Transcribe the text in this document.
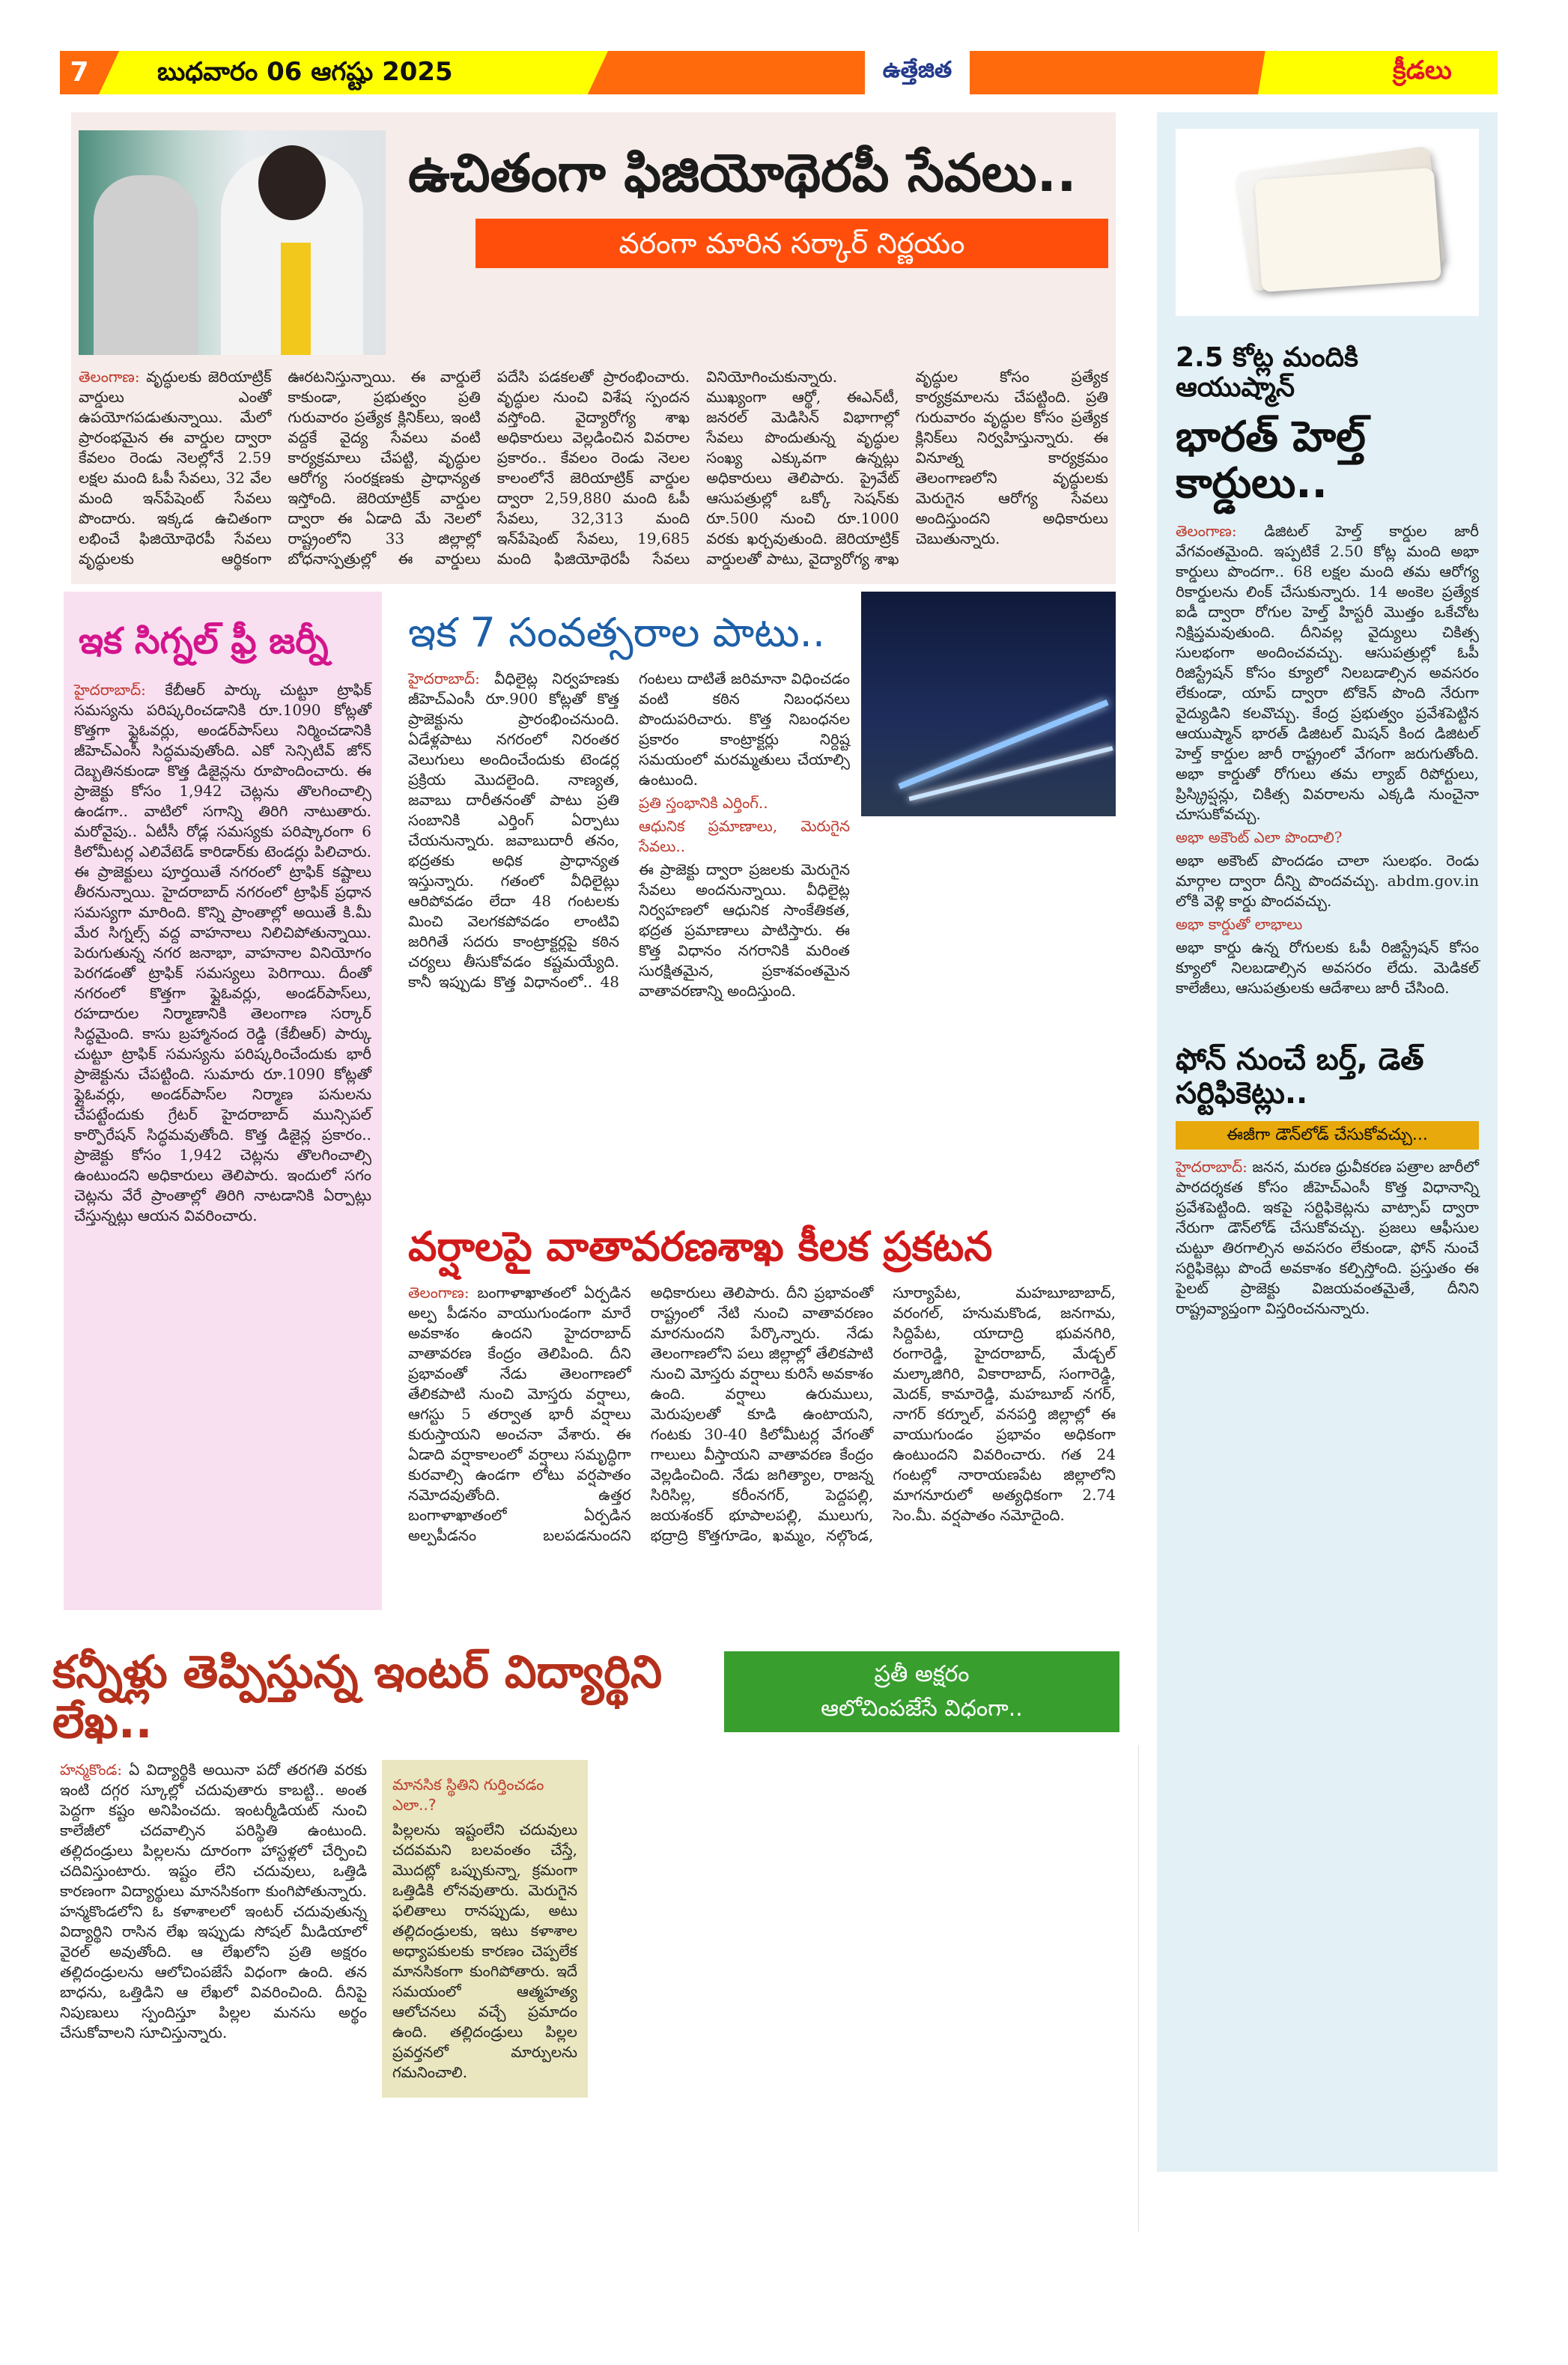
7	బుధవారం 06 ఆగష్టు 2025	ఉత్తేజిత	క్రీడలు
ఉచితంగా ఫిజియోథెరపీ సేవలు..
వరంగా మారిన సర్కార్ నిర్ణయం
తెలంగాణ: వృద్ధులకు జెరియాట్రిక్ వార్డులు ఎంతో ఉపయోగపడుతున్నాయి. మేలో ప్రారంభమైన ఈ వార్డుల ద్వారా కేవలం రెండు నెలల్లోనే 2.59 లక్షల మంది ఓపీ సేవలు, 32 వేల మంది ఇన్‌పేషెంట్ సేవలు పొందారు. ఇక్కడ ఉచితంగా లభించే ఫిజియోథెరపీ సేవలు వృద్ధులకు ఆర్థికంగా ఊరటనిస్తున్నాయి. ఈ వార్డులే కాకుండా, ప్రభుత్వం ప్రతి గురువారం ప్రత్యేక క్లినిక్‌లు, ఇంటి వద్దకే వైద్య సేవలు వంటి కార్యక్రమాలు చేపట్టి, వృద్ధుల ఆరోగ్య సంరక్షణకు ప్రాధాన్యత ఇస్తోంది. జెరియాట్రిక్ వార్డుల ద్వారా ఈ ఏడాది మే నెలలో రాష్ట్రంలోని 33 జిల్లాల్లో బోధనాస్పత్రుల్లో ఈ వార్డులు పదేసి పడకలతో ప్రారంభించారు. వృద్ధుల నుంచి విశేష స్పందన వస్తోంది. వైద్యారోగ్య శాఖ అధికారులు వెల్లడించిన వివరాల ప్రకారం.. కేవలం రెండు నెలల కాలంలోనే జెరియాట్రిక్ వార్డుల ద్వారా 2,59,880 మంది ఓపీ సేవలు, 32,313 మంది ఇన్‌పేషెంట్ సేవలు, 19,685 మంది ఫిజియోథెరపీ సేవలు వినియోగించుకున్నారు. ముఖ్యంగా ఆర్థో, ఈఎన్‌టీ, జనరల్ మెడిసిన్ విభాగాల్లో సేవలు పొందుతున్న వృద్ధుల సంఖ్య ఎక్కువగా ఉన్నట్లు అధికారులు తెలిపారు. ప్రైవేట్ ఆసుపత్రుల్లో ఒక్కో సెషన్‌కు రూ.500 నుంచి రూ.1000 వరకు ఖర్చవుతుంది. జెరియాట్రిక్ వార్డులతో పాటు, వైద్యారోగ్య శాఖ వృద్ధుల కోసం ప్రత్యేక కార్యక్రమాలను చేపట్టింది. ప్రతి గురువారం వృద్ధుల కోసం ప్రత్యేక క్లినిక్‌లు నిర్వహిస్తున్నారు. ఈ వినూత్న కార్యక్రమం తెలంగాణలోని వృద్ధులకు మెరుగైన ఆరోగ్య సేవలు అందిస్తుందని అధికారులు చెబుతున్నారు.
2.5 కోట్ల మందికి ఆయుష్మాన్
భారత్ హెల్త్ కార్డులు..

తెలంగాణ: డిజిటల్ హెల్త్ కార్డుల జారీ వేగవంతమైంది. ఇప్పటికే 2.50 కోట్ల మంది అభా కార్డులు పొందగా.. 68 లక్షల మంది తమ ఆరోగ్య రికార్డులను లింక్ చేసుకున్నారు. 14 అంకెల ప్రత్యేక ఐడీ ద్వారా రోగుల హెల్త్ హిస్టరీ మొత్తం ఒకేచోట నిక్షిప్తమవుతుంది. దీనివల్ల వైద్యులు చికిత్స సులభంగా అందించవచ్చు. ఆసుపత్రుల్లో ఓపీ రిజిస్ట్రేషన్ కోసం క్యూలో నిలబడాల్సిన అవసరం లేకుండా, యాప్ ద్వారా టోకెన్ పొంది నేరుగా వైద్యుడిని కలవొచ్చు. కేంద్ర ప్రభుత్వం ప్రవేశపెట్టిన ఆయుష్మాన్ భారత్ డిజిటల్ మిషన్ కింద డిజిటల్ హెల్త్ కార్డుల జారీ రాష్ట్రంలో వేగంగా జరుగుతోంది. అభా కార్డుతో రోగులు తమ ల్యాబ్ రిపోర్టులు, ప్రిస్క్రిప్షన్లు, చికిత్స వివరాలను ఎక్కడి నుంచైనా చూసుకోవచ్చు.

అభా అకౌంట్ ఎలా పొందాలి?

అభా అకౌంట్ పొందడం చాలా సులభం. రెండు మార్గాల ద్వారా దీన్ని పొందవచ్చు. abdm.gov.in లోకి వెళ్లి కార్డు పొందవచ్చు.

అభా కార్డుతో లాభాలు

అభా కార్డు ఉన్న రోగులకు ఓపీ రిజిస్ట్రేషన్ కోసం క్యూలో నిలబడాల్సిన అవసరం లేదు. మెడికల్ కాలేజీలు, ఆసుపత్రులకు ఆదేశాలు జారీ చేసింది.

ఫోన్ నుంచే బర్త్, డెత్ సర్టిఫికెట్లు..
ఈజీగా డౌన్‌లోడ్ చేసుకోవచ్చు...
హైదరాబాద్: జనన, మరణ ధ్రువీకరణ పత్రాల జారీలో పారదర్శకత కోసం జీహెచ్‌ఎంసీ కొత్త విధానాన్ని ప్రవేశపెట్టింది. ఇకపై సర్టిఫికెట్లను వాట్సాప్ ద్వారా నేరుగా డౌన్‌లోడ్ చేసుకోవచ్చు. ప్రజలు ఆఫీసుల చుట్టూ తిరగాల్సిన అవసరం లేకుండా, ఫోన్ నుంచే సర్టిఫికెట్లు పొందే అవకాశం కల్పిస్తోంది. ప్రస్తుతం ఈ పైలట్ ప్రాజెక్టు విజయవంతమైతే, దీనిని రాష్ట్రవ్యాప్తంగా విస్తరించనున్నారు.
ఇక సిగ్నల్ ఫ్రీ జర్నీ
హైదరాబాద్: కేబీఆర్ పార్కు చుట్టూ ట్రాఫిక్ సమస్యను పరిష్కరించడానికి రూ.1090 కోట్లతో కొత్తగా ఫ్లైఓవర్లు, అండర్‌పాస్‌లు నిర్మించడానికి జీహెచ్‌ఎంసీ సిద్ధమవుతోంది. ఎకో సెన్సిటివ్ జోన్ దెబ్బతినకుండా కొత్త డిజైన్లను రూపొందించారు. ఈ ప్రాజెక్టు కోసం 1,942 చెట్లను తొలగించాల్సి ఉండగా.. వాటిలో సగాన్ని తిరిగి నాటుతారు. మరోవైపు.. ఏటీసీ రోడ్ల సమస్యకు పరిష్కారంగా 6 కిలోమీటర్ల ఎలివేటెడ్ కారిడార్‌కు టెండర్లు పిలిచారు. ఈ ప్రాజెక్టులు పూర్తయితే నగరంలో ట్రాఫిక్ కష్టాలు తీరనున్నాయి. హైదరాబాద్ నగరంలో ట్రాఫిక్ ప్రధాన సమస్యగా మారింది. కొన్ని ప్రాంతాల్లో అయితే కి.మీ మేర సిగ్నల్స్ వద్ద వాహనాలు నిలిచిపోతున్నాయి. పెరుగుతున్న నగర జనాభా, వాహనాల వినియోగం పెరగడంతో ట్రాఫిక్ సమస్యలు పెరిగాయి. దీంతో నగరంలో కొత్తగా ఫ్లైఓవర్లు, అండర్‌పాస్‌లు, రహదారుల నిర్మాణానికి తెలంగాణ సర్కార్ సిద్ధమైంది. కాసు బ్రహ్మానంద రెడ్డి (కేబీఆర్) పార్కు చుట్టూ ట్రాఫిక్ సమస్యను పరిష్కరించేందుకు భారీ ప్రాజెక్టును చేపట్టింది. సుమారు రూ.1090 కోట్లతో ఫ్లైఓవర్లు, అండర్‌పాస్‌ల నిర్మాణ పనులను చేపట్టేందుకు గ్రేటర్ హైదరాబాద్ మున్సిపల్ కార్పొరేషన్ సిద్ధమవుతోంది. కొత్త డిజైన్ల ప్రకారం.. ప్రాజెక్టు కోసం 1,942 చెట్లను తొలగించాల్సి ఉంటుందని అధికారులు తెలిపారు. ఇందులో సగం చెట్లను వేరే ప్రాంతాల్లో తిరిగి నాటడానికి ఏర్పాట్లు చేస్తున్నట్లు ఆయన వివరించారు.
ఇక 7 సంవత్సరాల పాటు..

హైదరాబాద్: వీధిలైట్ల నిర్వహణకు జీహెచ్‌ఎంసీ రూ.900 కోట్లతో కొత్త ప్రాజెక్టును ప్రారంభించనుంది. ఏడేళ్లపాటు నగరంలో నిరంతర వెలుగులు అందించేందుకు టెండర్ల ప్రక్రియ మొదలైంది. నాణ్యత, జవాబు దారీతనంతో పాటు ప్రతి సంబానికి ఎర్తింగ్ ఏర్పాటు చేయనున్నారు. జవాబుదారీ తనం, భద్రతకు అధిక ప్రాధాన్యత ఇస్తున్నారు. గతంలో వీధిలైట్లు ఆరిపోవడం లేదా 48 గంటలకు మించి వెలగకపోవడం లాంటివి జరిగితే సదరు కాంట్రాక్టర్లపై కఠిన చర్యలు తీసుకోవడం కష్టమయ్యేది. కానీ ఇప్పుడు కొత్త విధానంలో.. 48 గంటలు దాటితే జరిమానా విధించడం వంటి కఠిన నిబంధనలు పొందుపరిచారు. కొత్త నిబంధనల ప్రకారం కాంట్రాక్టర్లు నిర్దిష్ట సమయంలో మరమ్మతులు చేయాల్సి ఉంటుంది.

ప్రతి స్తంభానికి ఎర్తింగ్..

ఆధునిక ప్రమాణాలు, మెరుగైన సేవలు..

ఈ ప్రాజెక్టు ద్వారా ప్రజలకు మెరుగైన సేవలు అందనున్నాయి. వీధిలైట్ల నిర్వహణలో ఆధునిక సాంకేతికత, భద్రత ప్రమాణాలు పాటిస్తారు. ఈ కొత్త విధానం నగరానికి మరింత సురక్షితమైన, ప్రకాశవంతమైన వాతావరణాన్ని అందిస్తుంది.

వర్షాలపై వాతావరణశాఖ కీలక ప్రకటన
తెలంగాణ: బంగాళాఖాతంలో ఏర్పడిన అల్ప పీడనం వాయుగుండంగా మారే అవకాశం ఉందని హైదరాబాద్ వాతావరణ కేంద్రం తెలిపింది. దీని ప్రభావంతో నేడు తెలంగాణలో తేలికపాటి నుంచి మోస్తరు వర్షాలు, ఆగస్టు 5 తర్వాత భారీ వర్షాలు కురుస్తాయని అంచనా వేశారు. ఈ ఏడాది వర్షాకాలంలో వర్షాలు సమృద్ధిగా కురవాల్సి ఉండగా లోటు వర్షపాతం నమోదవుతోంది. ఉత్తర బంగాళాఖాతంలో ఏర్పడిన అల్పపీడనం బలపడనుందని అధికారులు తెలిపారు. దీని ప్రభావంతో రాష్ట్రంలో నేటి నుంచి వాతావరణం మారనుందని పేర్కొన్నారు. నేడు తెలంగాణలోని పలు జిల్లాల్లో తేలికపాటి నుంచి మోస్తరు వర్షాలు కురిసే అవకాశం ఉంది. వర్షాలు ఉరుములు, మెరుపులతో కూడి ఉంటాయని, గంటకు 30-40 కిలోమీటర్ల వేగంతో గాలులు వీస్తాయని వాతావరణ కేంద్రం వెల్లడించింది. నేడు జగిత్యాల, రాజన్న సిరిసిల్ల, కరీంనగర్, పెద్దపల్లి, జయశంకర్ భూపాలపల్లి, ములుగు, భద్రాద్రి కొత్తగూడెం, ఖమ్మం, నల్గొండ, సూర్యాపేట, మహబూబాబాద్, వరంగల్, హనుమకొండ, జనగామ, సిద్దిపేట, యాదాద్రి భువనగిరి, రంగారెడ్డి, హైదరాబాద్, మేడ్చల్ మల్కాజిగిరి, వికారాబాద్, సంగారెడ్డి, మెదక్, కామారెడ్డి, మహబూబ్ నగర్, నాగర్ కర్నూల్, వనపర్తి జిల్లాల్లో ఈ వాయుగుండం ప్రభావం అధికంగా ఉంటుందని వివరించారు. గత 24 గంటల్లో నారాయణపేట జిల్లాలోని మాగనూరులో అత్యధికంగా 2.74 సెం.మీ. వర్షపాతం నమోదైంది.
ప్రతీ అక్షరం
ఆలోచింపజేసే విధంగా..
కన్నీళ్లు తెప్పిస్తున్న ఇంటర్ విద్యార్థిని లేఖ..
హన్మకొండ: ఏ విద్యార్థికి అయినా పదో తరగతి వరకు ఇంటి దగ్గర స్కూల్లో చదువుతారు కాబట్టి.. అంత పెద్దగా కష్టం అనిపించదు. ఇంటర్మీడియట్ నుంచి కాలేజీలో చదవాల్సిన పరిస్థితి ఉంటుంది. తల్లిదండ్రులు పిల్లలను దూరంగా హాస్టళ్లలో చేర్పించి చదివిస్తుంటారు. ఇష్టం లేని చదువులు, ఒత్తిడి కారణంగా విద్యార్థులు మానసికంగా కుంగిపోతున్నారు. హన్మకొండలోని ఓ కళాశాలలో ఇంటర్ చదువుతున్న విద్యార్థిని రాసిన లేఖ ఇప్పుడు సోషల్ మీడియాలో వైరల్ అవుతోంది. ఆ లేఖలోని ప్రతి అక్షరం తల్లిదండ్రులను ఆలోచింపజేసే విధంగా ఉంది. తన బాధను, ఒత్తిడిని ఆ లేఖలో వివరించింది. దీనిపై నిపుణులు స్పందిస్తూ పిల్లల మనసు అర్థం చేసుకోవాలని సూచిస్తున్నారు.
మానసిక స్థితిని గుర్తించడం ఎలా..?
పిల్లలను ఇష్టంలేని చదువులు చదవమని బలవంతం చేస్తే, మొదట్లో ఒప్పుకున్నా, క్రమంగా ఒత్తిడికి లోనవుతారు. మెరుగైన ఫలితాలు రానప్పుడు, అటు తల్లిదండ్రులకు, ఇటు కళాశాల అధ్యాపకులకు కారణం చెప్పలేక మానసికంగా కుంగిపోతారు. ఇదే సమయంలో ఆత్మహత్య ఆలోచనలు వచ్చే ప్రమాదం ఉంది. తల్లిదండ్రులు పిల్లల ప్రవర్తనలో మార్పులను గమనించాలి.
